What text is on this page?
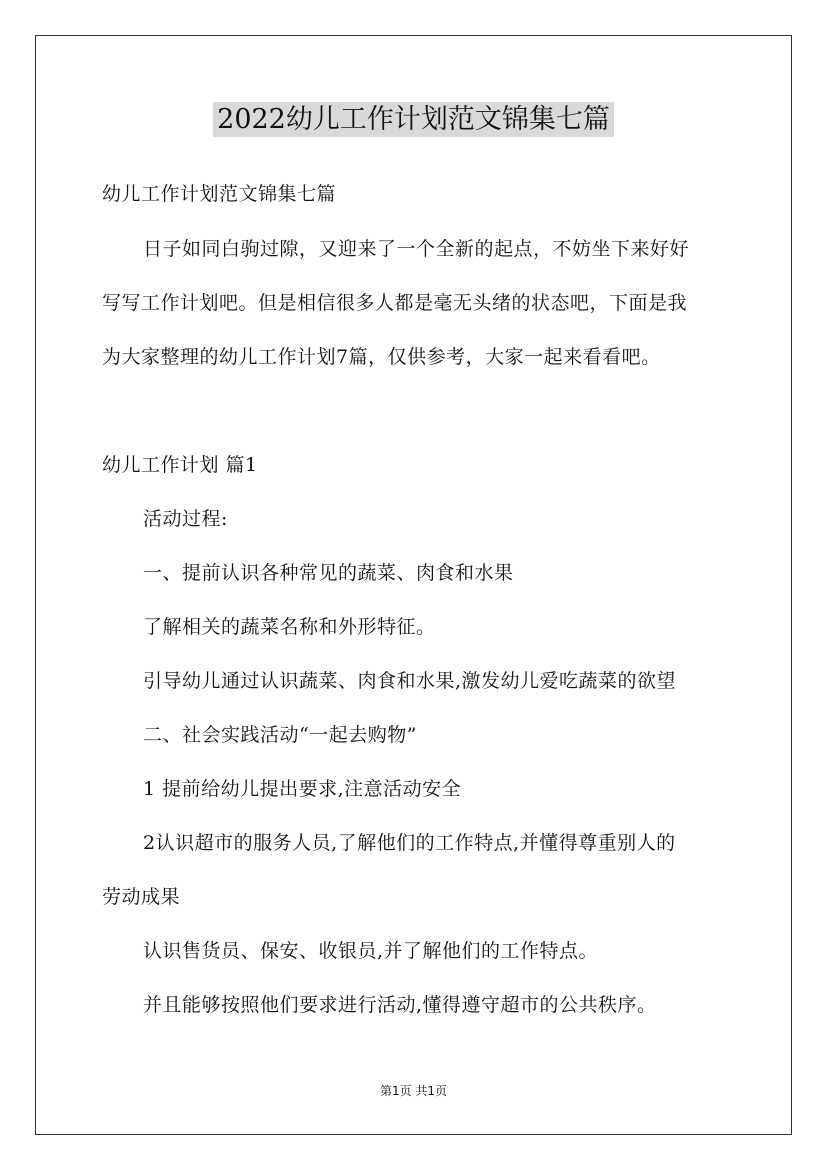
2022幼儿工作计划范文锦集七篇
幼儿工作计划范文锦集七篇
日子如同白驹过隙，又迎来了一个全新的起点，不妨坐下来好好
写写工作计划吧。但是相信很多人都是毫无头绪的状态吧，下面是我
为大家整理的幼儿工作计划7篇，仅供参考，大家一起来看看吧。
幼儿工作计划 篇1
活动过程:
一、提前认识各种常见的蔬菜、肉食和水果
了解相关的蔬菜名称和外形特征。
引导幼儿通过认识蔬菜、肉食和水果,激发幼儿爱吃蔬菜的欲望
二、社会实践活动“一起去购物”
1 提前给幼儿提出要求,注意活动安全
2认识超市的服务人员,了解他们的工作特点,并懂得尊重别人的
劳动成果
认识售货员、保安、收银员,并了解他们的工作特点。
并且能够按照他们要求进行活动,懂得遵守超市的公共秩序。
第1页 共1页
